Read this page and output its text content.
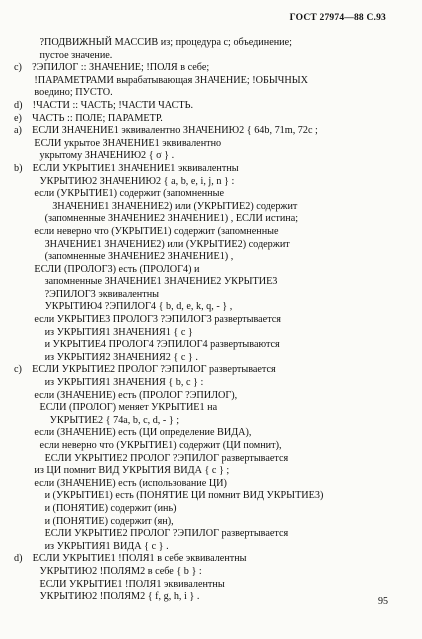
ГОСТ 27974—88 С.93
?ПОДВИЖНЫЙ МАССИВ из; процедура с; объединение;
пустое значение.
c)    ?ЭПИЛОГ :: ЗНАЧЕНИЕ; !ПОЛЯ в себе;
!ПАРАМЕТРАМИ вырабатывающая ЗНАЧЕНИЕ; !ОБЫЧНЫХ
воедино; ПУСТО.
d)    !ЧАСТИ :: ЧАСТЬ; !ЧАСТИ ЧАСТЬ.
e)    ЧАСТЬ :: ПОЛЕ; ПАРАМЕТР.
a)    ЕСЛИ ЗНАЧЕНИЕ1 эквивалентно ЗНАЧЕНИЮ2 { 64b, 71m, 72c ;
ЕСЛИ укрытое ЗНАЧЕНИЕ1 эквивалентно
укрытому ЗНАЧЕНИЮ2 { σ } .
b)    ЕСЛИ УКРЫТИЕ1 ЗНАЧЕНИЕ1 эквивалентны
УКРЫТИЮ2 ЗНАЧЕНИЮ2 { a, b, e, i, j, n } :
если (УКРЫТИЕ1) содержит (запомненные
ЗНАЧЕНИЕ1 ЗНАЧЕНИЕ2) или (УКРЫТИЕ2) содержит
(запомненные ЗНАЧЕНИЕ2 ЗНАЧЕНИЕ1) , ЕСЛИ истина;
если неверно что (УКРЫТИЕ1) содержит (запомненные
ЗНАЧЕНИЕ1 ЗНАЧЕНИЕ2) или (УКРЫТИЕ2) содержит
(запомненные ЗНАЧЕНИЕ2 ЗНАЧЕНИЕ1) ,
ЕСЛИ (ПРОЛОГ3) есть (ПРОЛОГ4) и
запомненные ЗНАЧЕНИЕ1 ЗНАЧЕНИЕ2 УКРЫТИЕ3
?ЭПИЛОГ3 эквивалентны
УКРЫТИЮ4 ?ЭПИЛОГ4 { b, d, e, k, q, - } ,
если УКРЫТИЕ3 ПРОЛОГ3 ?ЭПИЛОГ3 развертывается
из УКРЫТИЯ1 ЗНАЧЕНИЯ1 { c }
и УКРЫТИЕ4 ПРОЛОГ4 ?ЭПИЛОГ4 развертываются
из УКРЫТИЯ2 ЗНАЧЕНИЯ2 { c } .
c)    ЕСЛИ УКРЫТИЕ2 ПРОЛОГ ?ЭПИЛОГ развертывается
из УКРЫТИЯ1 ЗНАЧЕНИЯ { b, c } :
если (ЗНАЧЕНИЕ) есть (ПРОЛОГ ?ЭПИЛОГ),
ЕСЛИ (ПРОЛОГ) меняет УКРЫТИЕ1 на
УКРЫТИЕ2 { 74a, b, c, d, - } ;
если (ЗНАЧЕНИЕ) есть (ЦИ определение ВИДА),
если неверно что (УКРЫТИЕ1) содержит (ЦИ помнит),
ЕСЛИ УКРЫТИЕ2 ПРОЛОГ ?ЭПИЛОГ развертывается
из ЦИ помнит ВИД УКРЫТИЯ ВИДА { c } ;
если (ЗНАЧЕНИЕ) есть (использование ЦИ)
и (УКРЫТИЕ1) есть (ПОНЯТИЕ ЦИ помнит ВИД УКРЫТИЕ3)
и (ПОНЯТИЕ) содержит (инь)
и (ПОНЯТИЕ) содержит (ян),
ЕСЛИ УКРЫТИЕ2 ПРОЛОГ ?ЭПИЛОГ развертывается
из УКРЫТИЯ1 ВИДА { c } .
d)    ЕСЛИ УКРЫТИЕ1 !ПОЛЯ1 в себе эквивалентны
УКРЫТИЮ2 !ПОЛЯМ2 в себе { b } :
ЕСЛИ УКРЫТИЕ1 !ПОЛЯ1 эквивалентны
УКРЫТИЮ2 !ПОЛЯМ2 { f, g, h, i } .	95
